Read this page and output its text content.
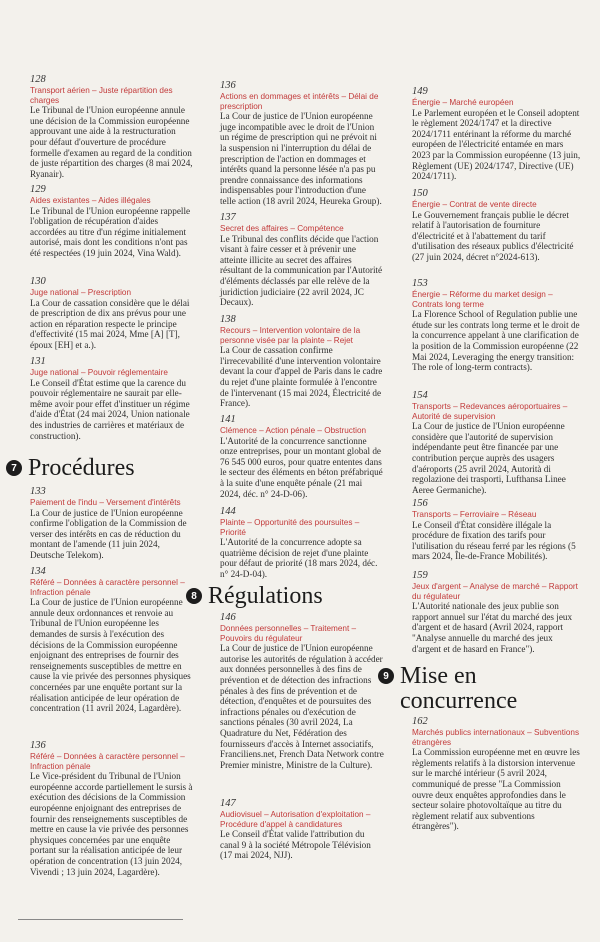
128
Transport aérien – Juste répartition des charges
Le Tribunal de l'Union européenne annule une décision de la Commission européenne approuvant une aide à la restructuration pour défaut d'ouverture de procédure formelle d'examen au regard de la condition de juste répartition des charges (8 mai 2024, Ryanair).
129
Aides existantes – Aides illégales
Le Tribunal de l'Union européenne rappelle l'obligation de récupération d'aides accordées au titre d'un régime initialement autorisé, mais dont les conditions n'ont pas été respectées (19 juin 2024, Vina Wald).
130
Juge national – Prescription
La Cour de cassation considère que le délai de prescription de dix ans prévus pour une action en réparation respecte le principe d'effectivité (15 mai 2024, Mme [A] [T], époux [EH] et a.).
131
Juge national – Pouvoir réglementaire
Le Conseil d'État estime que la carence du pouvoir réglementaire ne saurait par elle-même avoir pour effet d'instituer un régime d'aide d'État (24 mai 2024, Union nationale des industries de carrières et matériaux de construction).
7 Procédures
133
Paiement de l'indu – Versement d'intérêts
La Cour de justice de l'Union européenne confirme l'obligation de la Commission de verser des intérêts en cas de réduction du montant de l'amende (11 juin 2024, Deutsche Telekom).
134
Référé – Données à caractère personnel – Infraction pénale
La Cour de justice de l'Union européenne annule deux ordonnances et renvoie au Tribunal de l'Union européenne les demandes de sursis à l'exécution des décisions de la Commission européenne enjoignant des entreprises de fournir des renseignements susceptibles de mettre en cause la vie privée des personnes physiques concernées par une enquête portant sur la réalisation anticipée de leur opération de concentration (11 avril 2024, Lagardère).
136
Référé – Données à caractère personnel – Infraction pénale
Le Vice-président du Tribunal de l'Union européenne accorde partiellement le sursis à exécution des décisions de la Commission européenne enjoignant des entreprises de fournir des renseignements susceptibles de mettre en cause la vie privée des personnes physiques concernées par une enquête portant sur la réalisation anticipée de leur opération de concentration (13 juin 2024, Vivendi ; 13 juin 2024, Lagardère).
136
Actions en dommages et intérêts – Délai de prescription
La Cour de justice de l'Union européenne juge incompatible avec le droit de l'Union un régime de prescription qui ne prévoit ni la suspension ni l'interruption du délai de prescription de l'action en dommages et intérêts quand la personne lésée n'a pas pu prendre connaissance des informations indispensables pour l'introduction d'une telle action (18 avril 2024, Heureka Group).
137
Secret des affaires – Compétence
Le Tribunal des conflits décide que l'action visant à faire cesser et à prévenir une atteinte illicite au secret des affaires résultant de la communication par l'Autorité d'éléments déclassés par elle relève de la juridiction judiciaire (22 avril 2024, JC Decaux).
138
Recours – Intervention volontaire de la personne visée par la plainte – Rejet
La Cour de cassation confirme l'irrecevabilité d'une intervention volontaire devant la cour d'appel de Paris dans le cadre du rejet d'une plainte formulée à l'encontre de l'intervenant (15 mai 2024, Électricité de France).
141
Clémence – Action pénale – Obstruction
L'Autorité de la concurrence sanctionne onze entreprises, pour un montant global de 76 545 000 euros, pour quatre ententes dans le secteur des éléments en béton préfabriqué à la suite d'une enquête pénale (21 mai 2024, déc. n° 24-D-06).
144
Plainte – Opportunité des poursuites – Priorité
L'Autorité de la concurrence adopte sa quatrième décision de rejet d'une plainte pour défaut de priorité (18 mars 2024, déc. n° 24-D-04).
8 Régulations
146
Données personnelles – Traitement – Pouvoirs du régulateur
La Cour de justice de l'Union européenne autorise les autorités de régulation à accéder aux données personnelles à des fins de prévention et de détection des infractions pénales à des fins de prévention et de détection, d'enquêtes et de poursuites des infractions pénales ou d'exécution de sanctions pénales (30 avril 2024, La Quadrature du Net, Fédération des fournisseurs d'accès à Internet associatifs, Franciliens.net, French Data Network contre Premier ministre, Ministre de la Culture).
147
Audiovisuel – Autorisation d'exploitation – Procédure d'appel à candidatures
Le Conseil d'État valide l'attribution du canal 9 à la société Métropole Télévision (17 mai 2024, NJJ).
149
Énergie – Marché européen
Le Parlement européen et le Conseil adoptent le règlement 2024/1747 et la directive 2024/1711 entérinant la réforme du marché européen de l'électricité entamée en mars 2023 par la Commission européenne (13 juin, Règlement (UE) 2024/1747, Directive (UE) 2024/1711).
150
Énergie – Contrat de vente directe
Le Gouvernement français publie le décret relatif à l'autorisation de fourniture d'électricité et à l'abattement du tarif d'utilisation des réseaux publics d'électricité (27 juin 2024, décret n°2024-613).
153
Énergie – Réforme du market design – Contrats long terme
La Florence School of Regulation publie une étude sur les contrats long terme et le droit de la concurrence appelant à une clarification de la position de la Commission européenne (22 Mai 2024, Leveraging the energy transition: The role of long-term contracts).
154
Transports – Redevances aéroportuaires – Autorité de supervision
La Cour de justice de l'Union européenne considère que l'autorité de supervision indépendante peut être financée par une contribution perçue auprès des usagers d'aéroports (25 avril 2024, Autorità di regolazione dei trasporti, Lufthansa Linee Aeree Germaniche).
156
Transports – Ferroviaire – Réseau
Le Conseil d'État considère illégale la procédure de fixation des tarifs pour l'utilisation du réseau ferré par les régions (5 mars 2024, Île-de-France Mobilités).
159
Jeux d'argent – Analyse de marché – Rapport du régulateur
L'Autorité nationale des jeux publie son rapport annuel sur l'état du marché des jeux d'argent et de hasard (Avril 2024, rapport "Analyse annuelle du marché des jeux d'argent et de hasard en France").
9 Mise en concurrence
162
Marchés publics internationaux – Subventions étrangères
La Commission européenne met en œuvre les règlements relatifs à la distorsion intervenue sur le marché intérieur (5 avril 2024, communiqué de presse "La Commission ouvre deux enquêtes approfondies dans le secteur solaire photovoltaïque au titre du règlement relatif aux subventions étrangères").
